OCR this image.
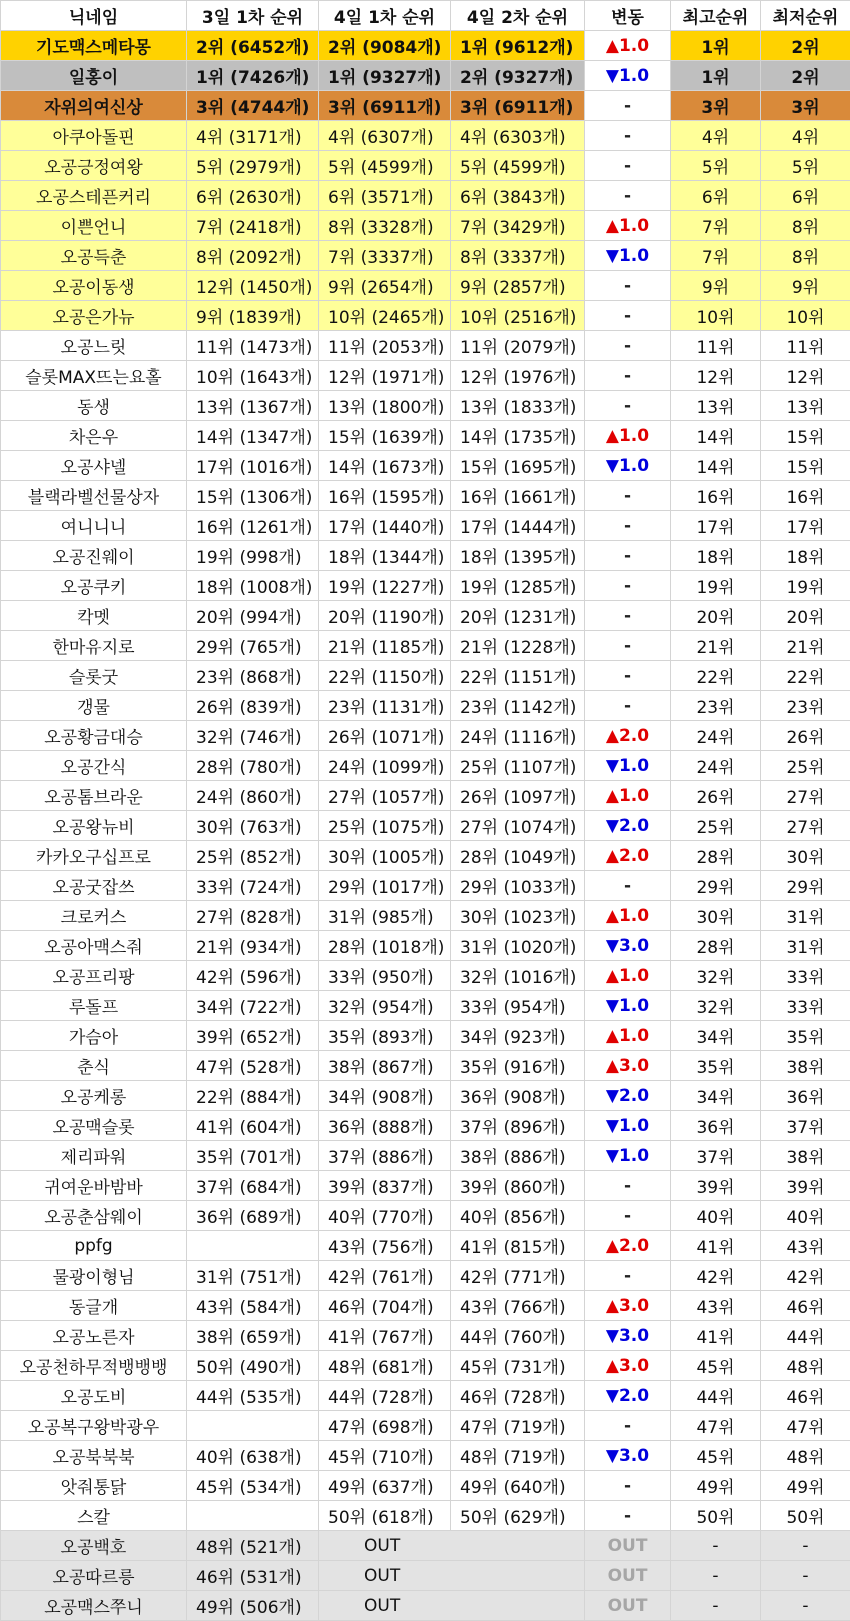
닉네임	3일 1차 순위	4일 1차 순위	4일 2차 순위	변동	최고순위	최저순위
기도맥스메타몽	2위 (6452개)	2위 (9084개)	1위 (9612개)	▲1.0	1위	2위
일홍이	1위 (7426개)	1위 (9327개)	2위 (9327개)	▼1.0	1위	2위
자위의여신상	3위 (4744개)	3위 (6911개)	3위 (6911개)	-	3위	3위
아쿠아돌핀	4위 (3171개)	4위 (6307개)	4위 (6303개)	-	4위	4위
오공긍정여왕	5위 (2979개)	5위 (4599개)	5위 (4599개)	-	5위	5위
오공스테픈커리	6위 (2630개)	6위 (3571개)	6위 (3843개)	-	6위	6위
이쁜언니	7위 (2418개)	8위 (3328개)	7위 (3429개)	▲1.0	7위	8위
오공득춘	8위 (2092개)	7위 (3337개)	8위 (3337개)	▼1.0	7위	8위
오공이동생	12위 (1450개)	9위 (2654개)	9위 (2857개)	-	9위	9위
오공은가뉴	9위 (1839개)	10위 (2465개)	10위 (2516개)	-	10위	10위
오공느릿	11위 (1473개)	11위 (2053개)	11위 (2079개)	-	11위	11위
슬롯MAX뜨는요홀	10위 (1643개)	12위 (1971개)	12위 (1976개)	-	12위	12위
동생	13위 (1367개)	13위 (1800개)	13위 (1833개)	-	13위	13위
차은우	14위 (1347개)	15위 (1639개)	14위 (1735개)	▲1.0	14위	15위
오공샤넬	17위 (1016개)	14위 (1673개)	15위 (1695개)	▼1.0	14위	15위
블랙라벨선물상자	15위 (1306개)	16위 (1595개)	16위 (1661개)	-	16위	16위
여니니니	16위 (1261개)	17위 (1440개)	17위 (1444개)	-	17위	17위
오공진웨이	19위 (998개)	18위 (1344개)	18위 (1395개)	-	18위	18위
오공쿠키	18위 (1008개)	19위 (1227개)	19위 (1285개)	-	19위	19위
칵멧	20위 (994개)	20위 (1190개)	20위 (1231개)	-	20위	20위
한마유지로	29위 (765개)	21위 (1185개)	21위 (1228개)	-	21위	21위
슬롯굿	23위 (868개)	22위 (1150개)	22위 (1151개)	-	22위	22위
갱물	26위 (839개)	23위 (1131개)	23위 (1142개)	-	23위	23위
오공황금대승	32위 (746개)	26위 (1071개)	24위 (1116개)	▲2.0	24위	26위
오공간식	28위 (780개)	24위 (1099개)	25위 (1107개)	▼1.0	24위	25위
오공톰브라운	24위 (860개)	27위 (1057개)	26위 (1097개)	▲1.0	26위	27위
오공왕뉴비	30위 (763개)	25위 (1075개)	27위 (1074개)	▼2.0	25위	27위
카카오구십프로	25위 (852개)	30위 (1005개)	28위 (1049개)	▲2.0	28위	30위
오공굿잡쓰	33위 (724개)	29위 (1017개)	29위 (1033개)	-	29위	29위
크로커스	27위 (828개)	31위 (985개)	30위 (1023개)	▲1.0	30위	31위
오공아맥스줘	21위 (934개)	28위 (1018개)	31위 (1020개)	▼3.0	28위	31위
오공프리팡	42위 (596개)	33위 (950개)	32위 (1016개)	▲1.0	32위	33위
루돌프	34위 (722개)	32위 (954개)	33위 (954개)	▼1.0	32위	33위
가슴아	39위 (652개)	35위 (893개)	34위 (923개)	▲1.0	34위	35위
춘식	47위 (528개)	38위 (867개)	35위 (916개)	▲3.0	35위	38위
오공케롱	22위 (884개)	34위 (908개)	36위 (908개)	▼2.0	34위	36위
오공맥슬롯	41위 (604개)	36위 (888개)	37위 (896개)	▼1.0	36위	37위
제리파워	35위 (701개)	37위 (886개)	38위 (886개)	▼1.0	37위	38위
귀여운바밤바	37위 (684개)	39위 (837개)	39위 (860개)	-	39위	39위
오공춘삼웨이	36위 (689개)	40위 (770개)	40위 (856개)	-	40위	40위
ppfg		43위 (756개)	41위 (815개)	▲2.0	41위	43위
물광이형님	31위 (751개)	42위 (761개)	42위 (771개)	-	42위	42위
동글개	43위 (584개)	46위 (704개)	43위 (766개)	▲3.0	43위	46위
오공노른자	38위 (659개)	41위 (767개)	44위 (760개)	▼3.0	41위	44위
오공천하무적뱅뱅뱅	50위 (490개)	48위 (681개)	45위 (731개)	▲3.0	45위	48위
오공도비	44위 (535개)	44위 (728개)	46위 (728개)	▼2.0	44위	46위
오공복구왕박광우		47위 (698개)	47위 (719개)	-	47위	47위
오공북북북	40위 (638개)	45위 (710개)	48위 (719개)	▼3.0	45위	48위
앗줘통닭	45위 (534개)	49위 (637개)	49위 (640개)	-	49위	49위
스칼		50위 (618개)	50위 (629개)	-	50위	50위
오공백호	48위 (521개)	OUT		OUT	-	-
오공따르릉	46위 (531개)	OUT		OUT	-	-
오공맥스쭈니	49위 (506개)	OUT		OUT	-	-
